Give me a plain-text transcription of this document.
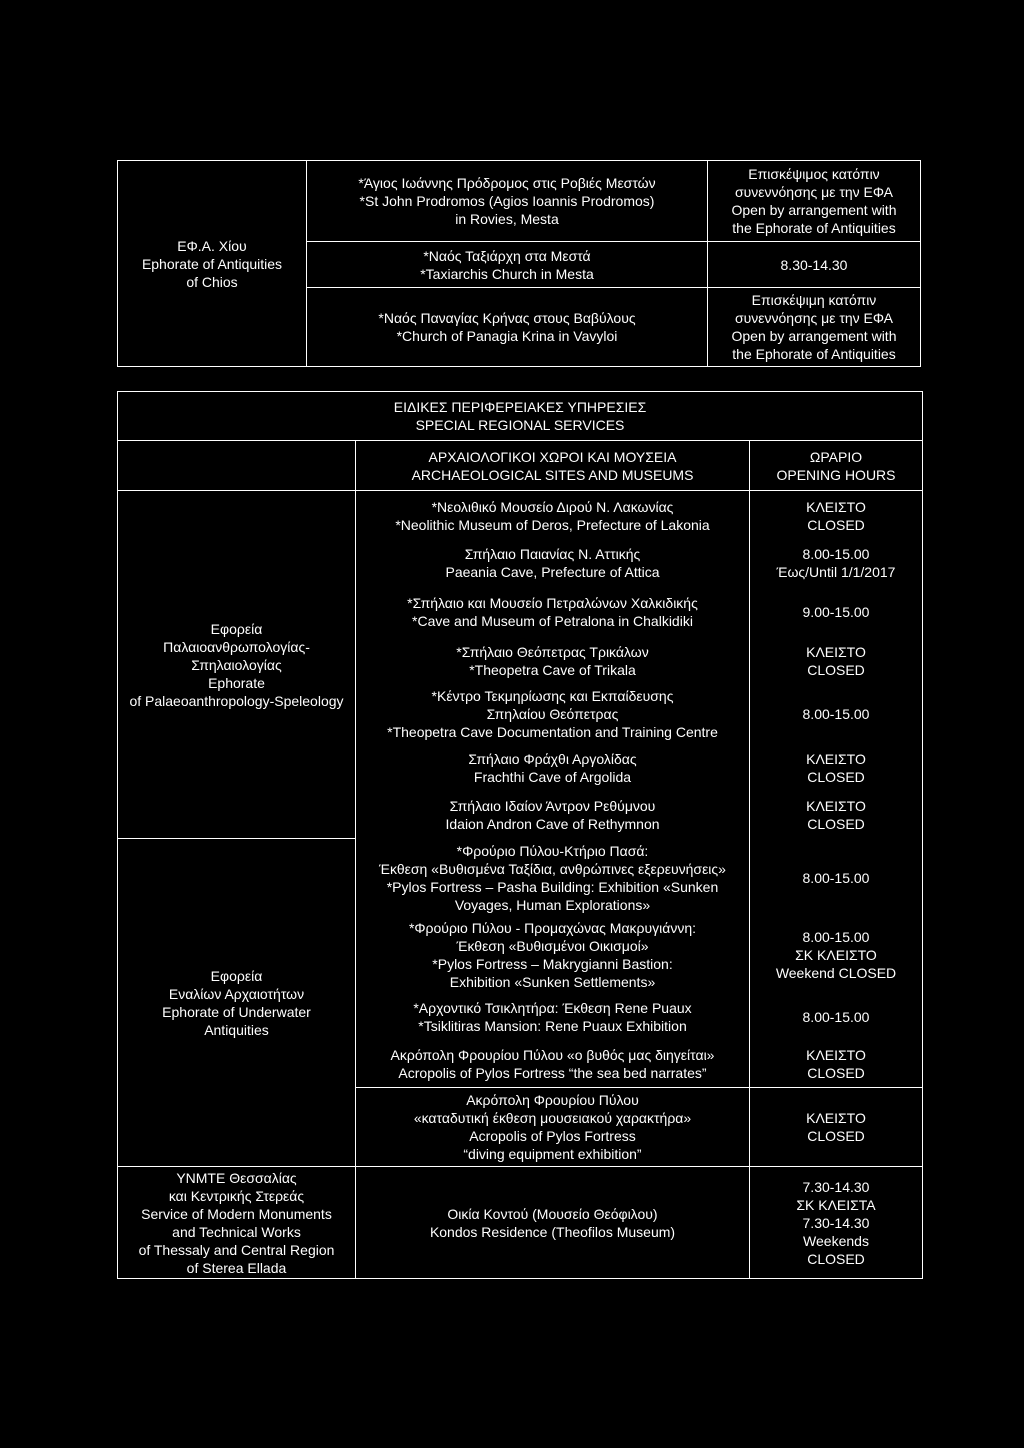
ΕΦ.Α. Χίου
Ephorate of Antiquities
of Chios
*Άγιος Ιωάννης Πρόδρομος στις Ροβιές Μεστών
*St John Prodromos (Agios Ioannis Prodromos)
in Rovies, Mesta
*Ναός Ταξιάρχη στα Μεστά
*Taxiarchis Church in Mesta
*Ναός Παναγίας Κρήνας στους Βαβύλους
*Church of Panagia Krina in Vavyloi
Επισκέψιμος κατόπιν
συνεννόησης με την ΕΦΑ
Open by arrangement with
the Ephorate of Antiquities
8.30-14.30
Επισκέψιμη κατόπιν
συνεννόησης με την ΕΦΑ
Open by arrangement with
the Ephorate of Antiquities
ΕΙΔΙΚΕΣ ΠΕΡΙΦΕΡΕΙΑΚΕΣ ΥΠΗΡΕΣΙΕΣ
SPECIAL REGIONAL SERVICES
ΑΡΧΑΙΟΛΟΓΙΚΟΙ ΧΩΡΟΙ ΚΑΙ ΜΟΥΣΕΙΑ
ARCHAEOLOGICAL SITES AND MUSEUMS
ΩΡΑΡΙΟ
OPENING HOURS
Εφορεία
Παλαιοανθρωπολογίας-
Σπηλαιολογίας
Ephorate
of Palaeoanthropology-Speleology
*Νεολιθικό Μουσείο Διρού Ν. Λακωνίας
*Neolithic Museum of Deros, Prefecture of Lakonia
ΚΛΕΙΣΤΟ
CLOSED
Σπήλαιο Παιανίας Ν. Αττικής
Paeania Cave, Prefecture of Attica
8.00-15.00
Έως/Until 1/1/2017
*Σπήλαιο και Μουσείο Πετραλώνων Χαλκιδικής
*Cave and Museum of Petralona in Chalkidiki
9.00-15.00
*Σπήλαιο Θεόπετρας Τρικάλων
*Theopetra Cave of Trikala
ΚΛΕΙΣΤΟ
CLOSED
*Κέντρο Τεκμηρίωσης και Εκπαίδευσης
Σπηλαίου Θεόπετρας
*Theopetra Cave Documentation and Training Centre
8.00-15.00
Σπήλαιο Φράχθι Αργολίδας
Frachthi Cave of Argolida
ΚΛΕΙΣΤΟ
CLOSED
Σπήλαιο Ιδαίον Άντρον Ρεθύμνου
Idaion Andron Cave of Rethymnon
ΚΛΕΙΣΤΟ
CLOSED
Εφορεία
Εναλίων Αρχαιοτήτων
Ephorate of Underwater
Antiquities
*Φρούριο Πύλου-Κτήριο Πασά:
Έκθεση «Βυθισμένα Ταξίδια, ανθρώπινες εξερευνήσεις»
*Pylos Fortress – Pasha Building: Exhibition «Sunken
Voyages, Human Explorations»
8.00-15.00
*Φρούριο Πύλου - Προμαχώνας Μακρυγιάννη:
Έκθεση «Βυθισμένοι Οικισμοί»
*Pylos Fortress – Makrygianni Bastion:
Exhibition «Sunken Settlements»
8.00-15.00
ΣΚ ΚΛΕΙΣΤΟ
Weekend CLOSED
*Αρχοντικό Τσικλητήρα: Έκθεση Rene Puaux
*Tsiklitiras Mansion: Rene Puaux Exhibition
8.00-15.00
Ακρόπολη Φρουρίου Πύλου «ο βυθός μας διηγείται»
Acropolis of Pylos Fortress “the sea bed narrates”
ΚΛΕΙΣΤΟ
CLOSED
Ακρόπολη Φρουρίου Πύλου
«καταδυτική έκθεση μουσειακού χαρακτήρα»
Acropolis of Pylos Fortress
“diving equipment exhibition”
ΚΛΕΙΣΤΟ
CLOSED
ΥΝΜΤΕ Θεσσαλίας
και Κεντρικής Στερεάς
Service of Modern Monuments
and Technical Works
of Thessaly and Central Region
of Sterea Ellada
Οικία Κοντού (Μουσείο Θεόφιλου)
Kondos Residence (Theofilos Museum)
7.30-14.30
ΣΚ ΚΛΕΙΣΤΑ
7.30-14.30
Weekends
CLOSED
